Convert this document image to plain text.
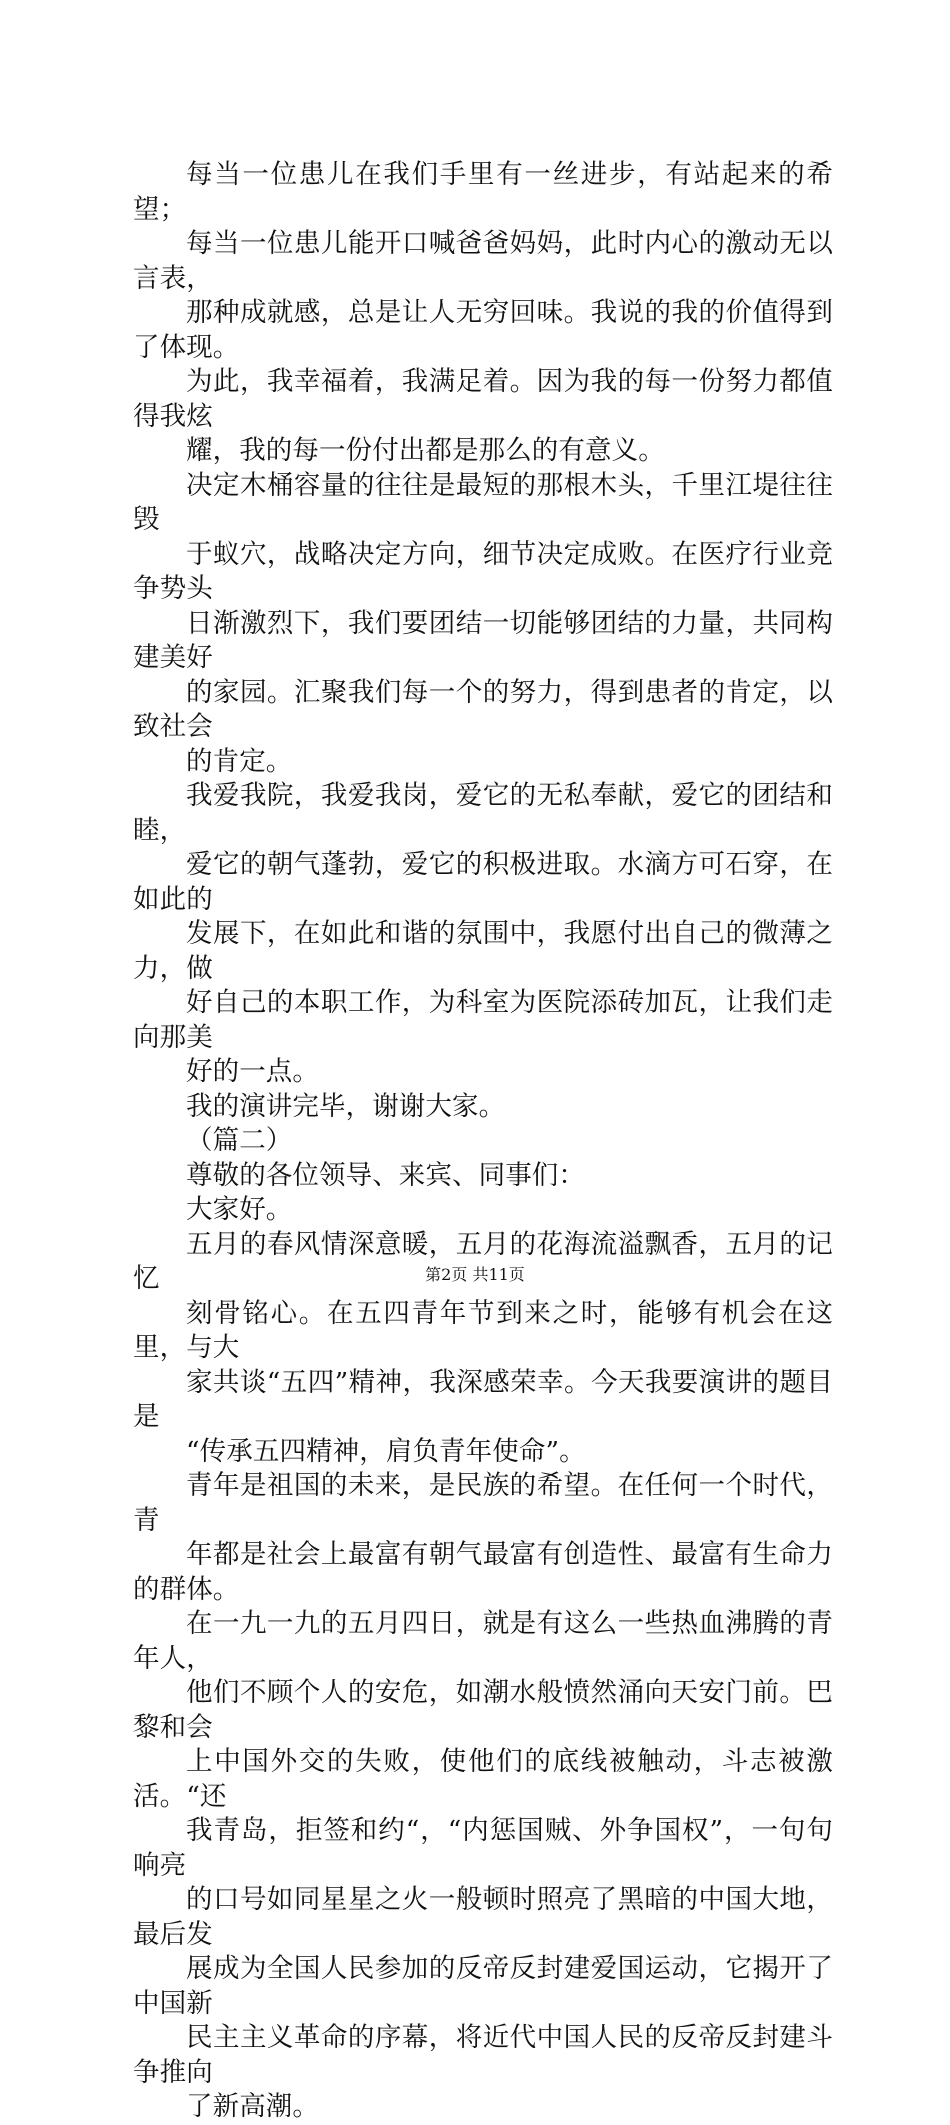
每当一位患儿在我们手里有一丝进步，有站起来的希望；
每当一位患儿能开口喊爸爸妈妈，此时内心的激动无以言表，
那种成就感，总是让人无穷回味。我说的我的价值得到了体现。
为此，我幸福着，我满足着。因为我的每一份努力都值得我炫
耀，我的每一份付出都是那么的有意义。

决定木桶容量的往往是最短的那根木头，千里江堤往往毁
于蚁穴，战略决定方向，细节决定成败。在医疗行业竞争势头
日渐激烈下，我们要团结一切能够团结的力量，共同构建美好
的家园。汇聚我们每一个的努力，得到患者的肯定，以致社会
的肯定。

我爱我院，我爱我岗，爱它的无私奉献，爱它的团结和睦，
爱它的朝气蓬勃，爱它的积极进取。水滴方可石穿，在如此的
发展下，在如此和谐的氛围中，我愿付出自己的微薄之力，做
好自己的本职工作，为科室为医院添砖加瓦，让我们走向那美
好的一点。

我的演讲完毕，谢谢大家。

（篇二）

尊敬的各位领导、来宾、同事们：

大家好。

五月的春风情深意暖，五月的花海流溢飘香，五月的记忆
刻骨铭心。在五四青年节到来之时，能够有机会在这里，与大
家共谈“五四”精神，我深感荣幸。今天我要演讲的题目是
“传承五四精神，肩负青年使命”。

青年是祖国的未来，是民族的希望。在任何一个时代，青
年都是社会上最富有朝气最富有创造性、最富有生命力的群体。
在一九一九的五月四日，就是有这么一些热血沸腾的青年人，
他们不顾个人的安危，如潮水般愤然涌向天安门前。巴黎和会
上中国外交的失败，使他们的底线被触动，斗志被激活。“还
我青岛，拒签和约“，“内惩国贼、外争国权”，一句句响亮
的口号如同星星之火一般顿时照亮了黑暗的中国大地，最后发
展成为全国人民参加的反帝反封建爱国运动，它揭开了中国新
民主主义革命的序幕，将近代中国人民的反帝反封建斗争推向
了新高潮。

第2页 共11页
